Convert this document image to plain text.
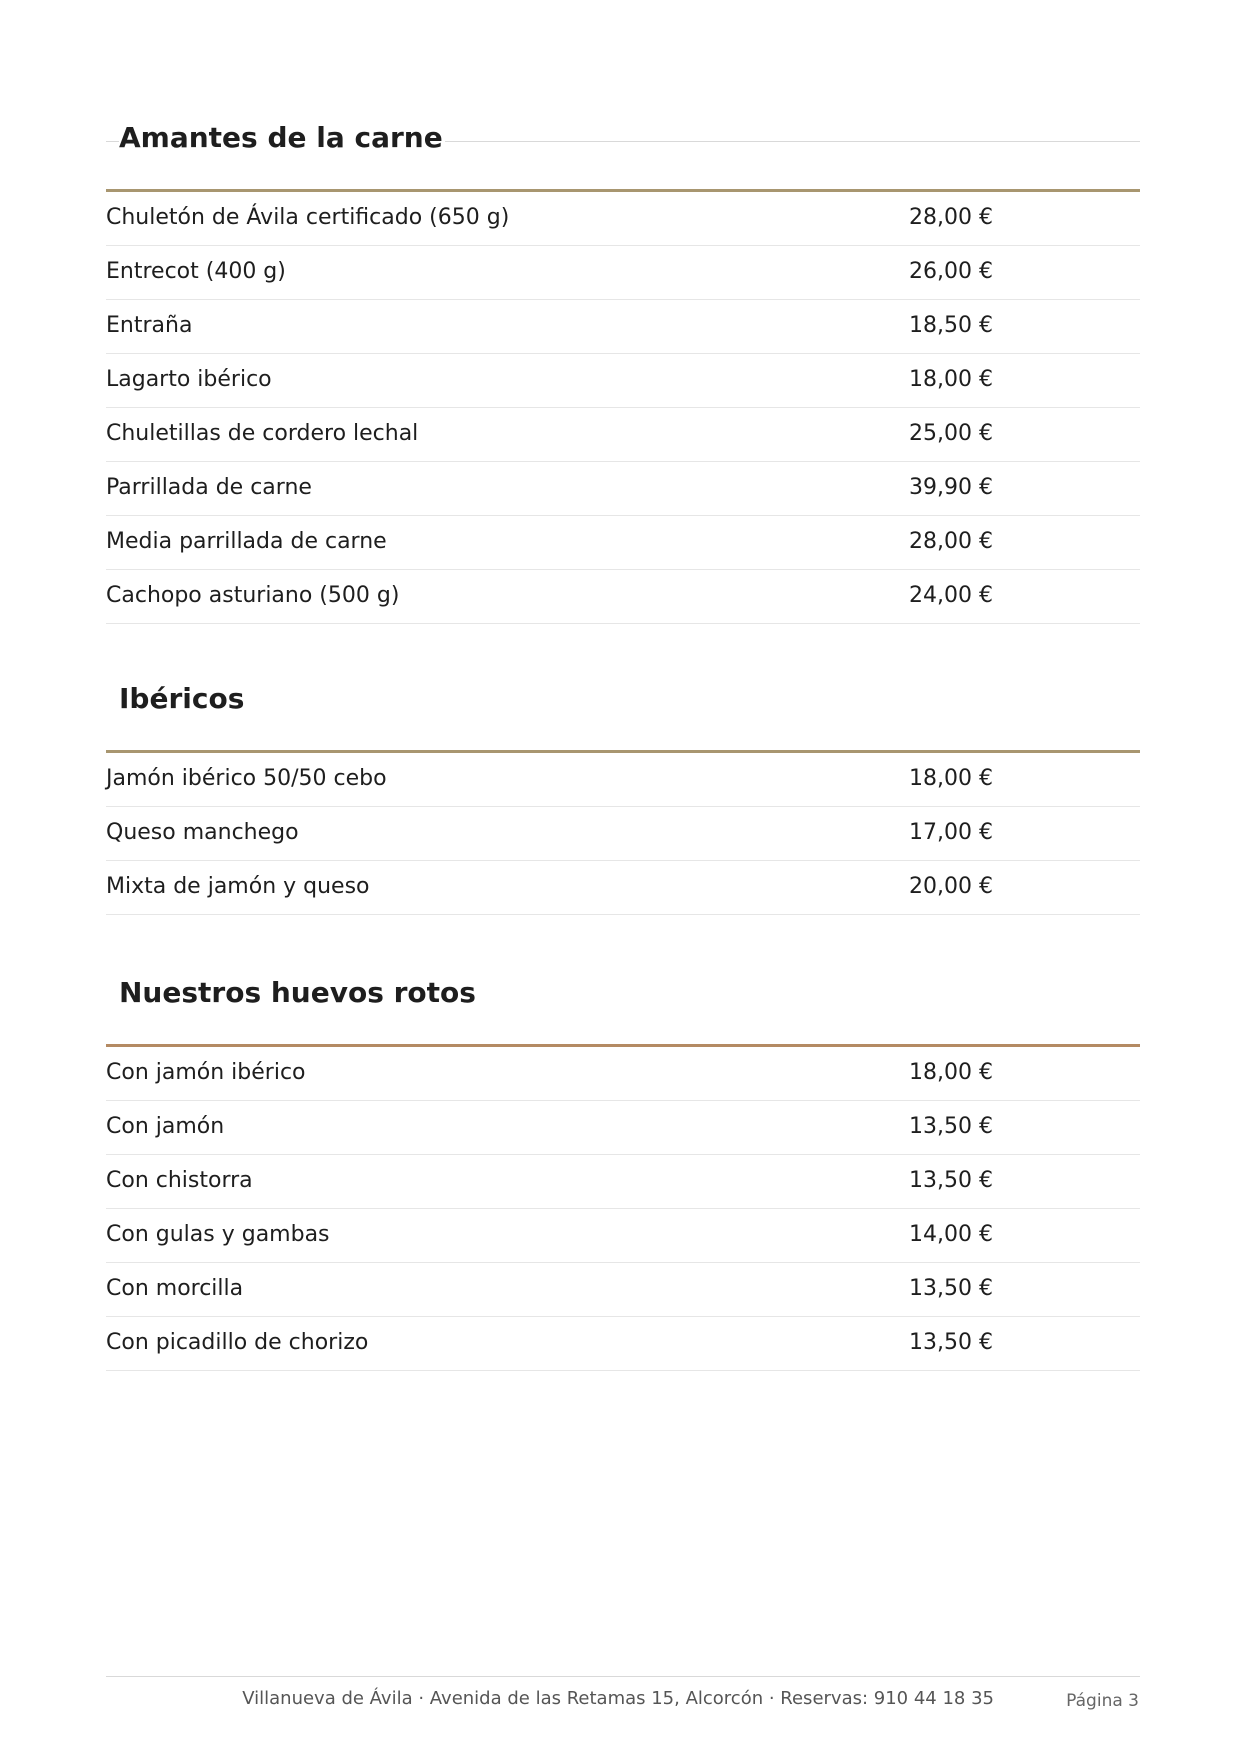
Amantes de la carne
Chuletón de Ávila certificado (650 g)	28,00 €
Entrecot (400 g)	26,00 €
Entraña	18,50 €
Lagarto ibérico	18,00 €
Chuletillas de cordero lechal	25,00 €
Parrillada de carne	39,90 €
Media parrillada de carne	28,00 €
Cachopo asturiano (500 g)	24,00 €
Ibéricos
Jamón ibérico 50/50 cebo	18,00 €
Queso manchego	17,00 €
Mixta de jamón y queso	20,00 €
Nuestros huevos rotos
Con jamón ibérico	18,00 €
Con jamón	13,50 €
Con chistorra	13,50 €
Con gulas y gambas	14,00 €
Con morcilla	13,50 €
Con picadillo de chorizo	13,50 €
Villanueva de Ávila · Avenida de las Retamas 15, Alcorcón · Reservas: 910 44 18 35	Página 3
